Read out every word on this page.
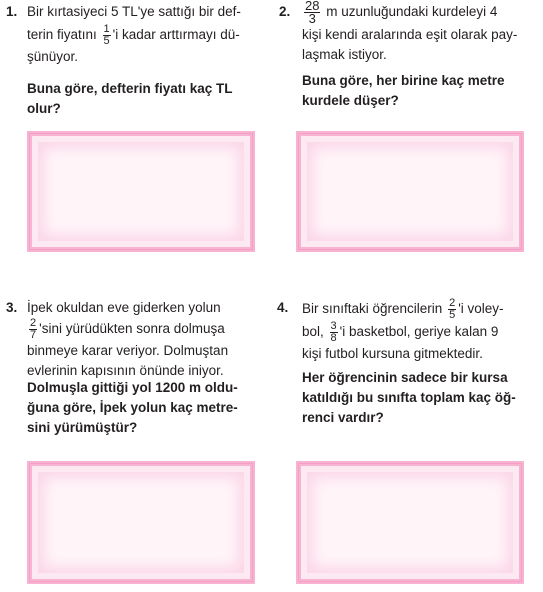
1. Bir kırtasiyeci 5 TL'ye sattığı bir def-
terin fiyatını $\frac{1}{5}$ 'i kadar arttırmayı dü-
şünüyor.
Buna göre, defterin fiyatı kaç TL
olur?
2. $\frac{28}{3}$ m uzunluğundaki kurdeleyi 4
kişi kendi aralarında eşit olarak pay-
laşmak istiyor.
Buna göre, her birine kaç metre
kurdele düşer?
3. İpek okuldan eve giderken yolun
$\frac{2}{7}$ 'sini yürüdükten sonra dolmuşa
binmeye karar veriyor. Dolmuştan
evlerinin kapısının önünde iniyor.
Dolmuşla gittiği yol 1200 m oldu-
ğuna göre, İpek yolun kaç metre-
sini yürümüştür?
4. Bir sınıftaki öğrencilerin $\frac{2}{5}$ 'i voley-
bol, $\frac{3}{8}$ 'i basketbol, geriye kalan 9
kişi futbol kursuna gitmektedir.
Her öğrencinin sadece bir kursa
katıldığı bu sınıfta toplam kaç öğ-
renci vardır?
